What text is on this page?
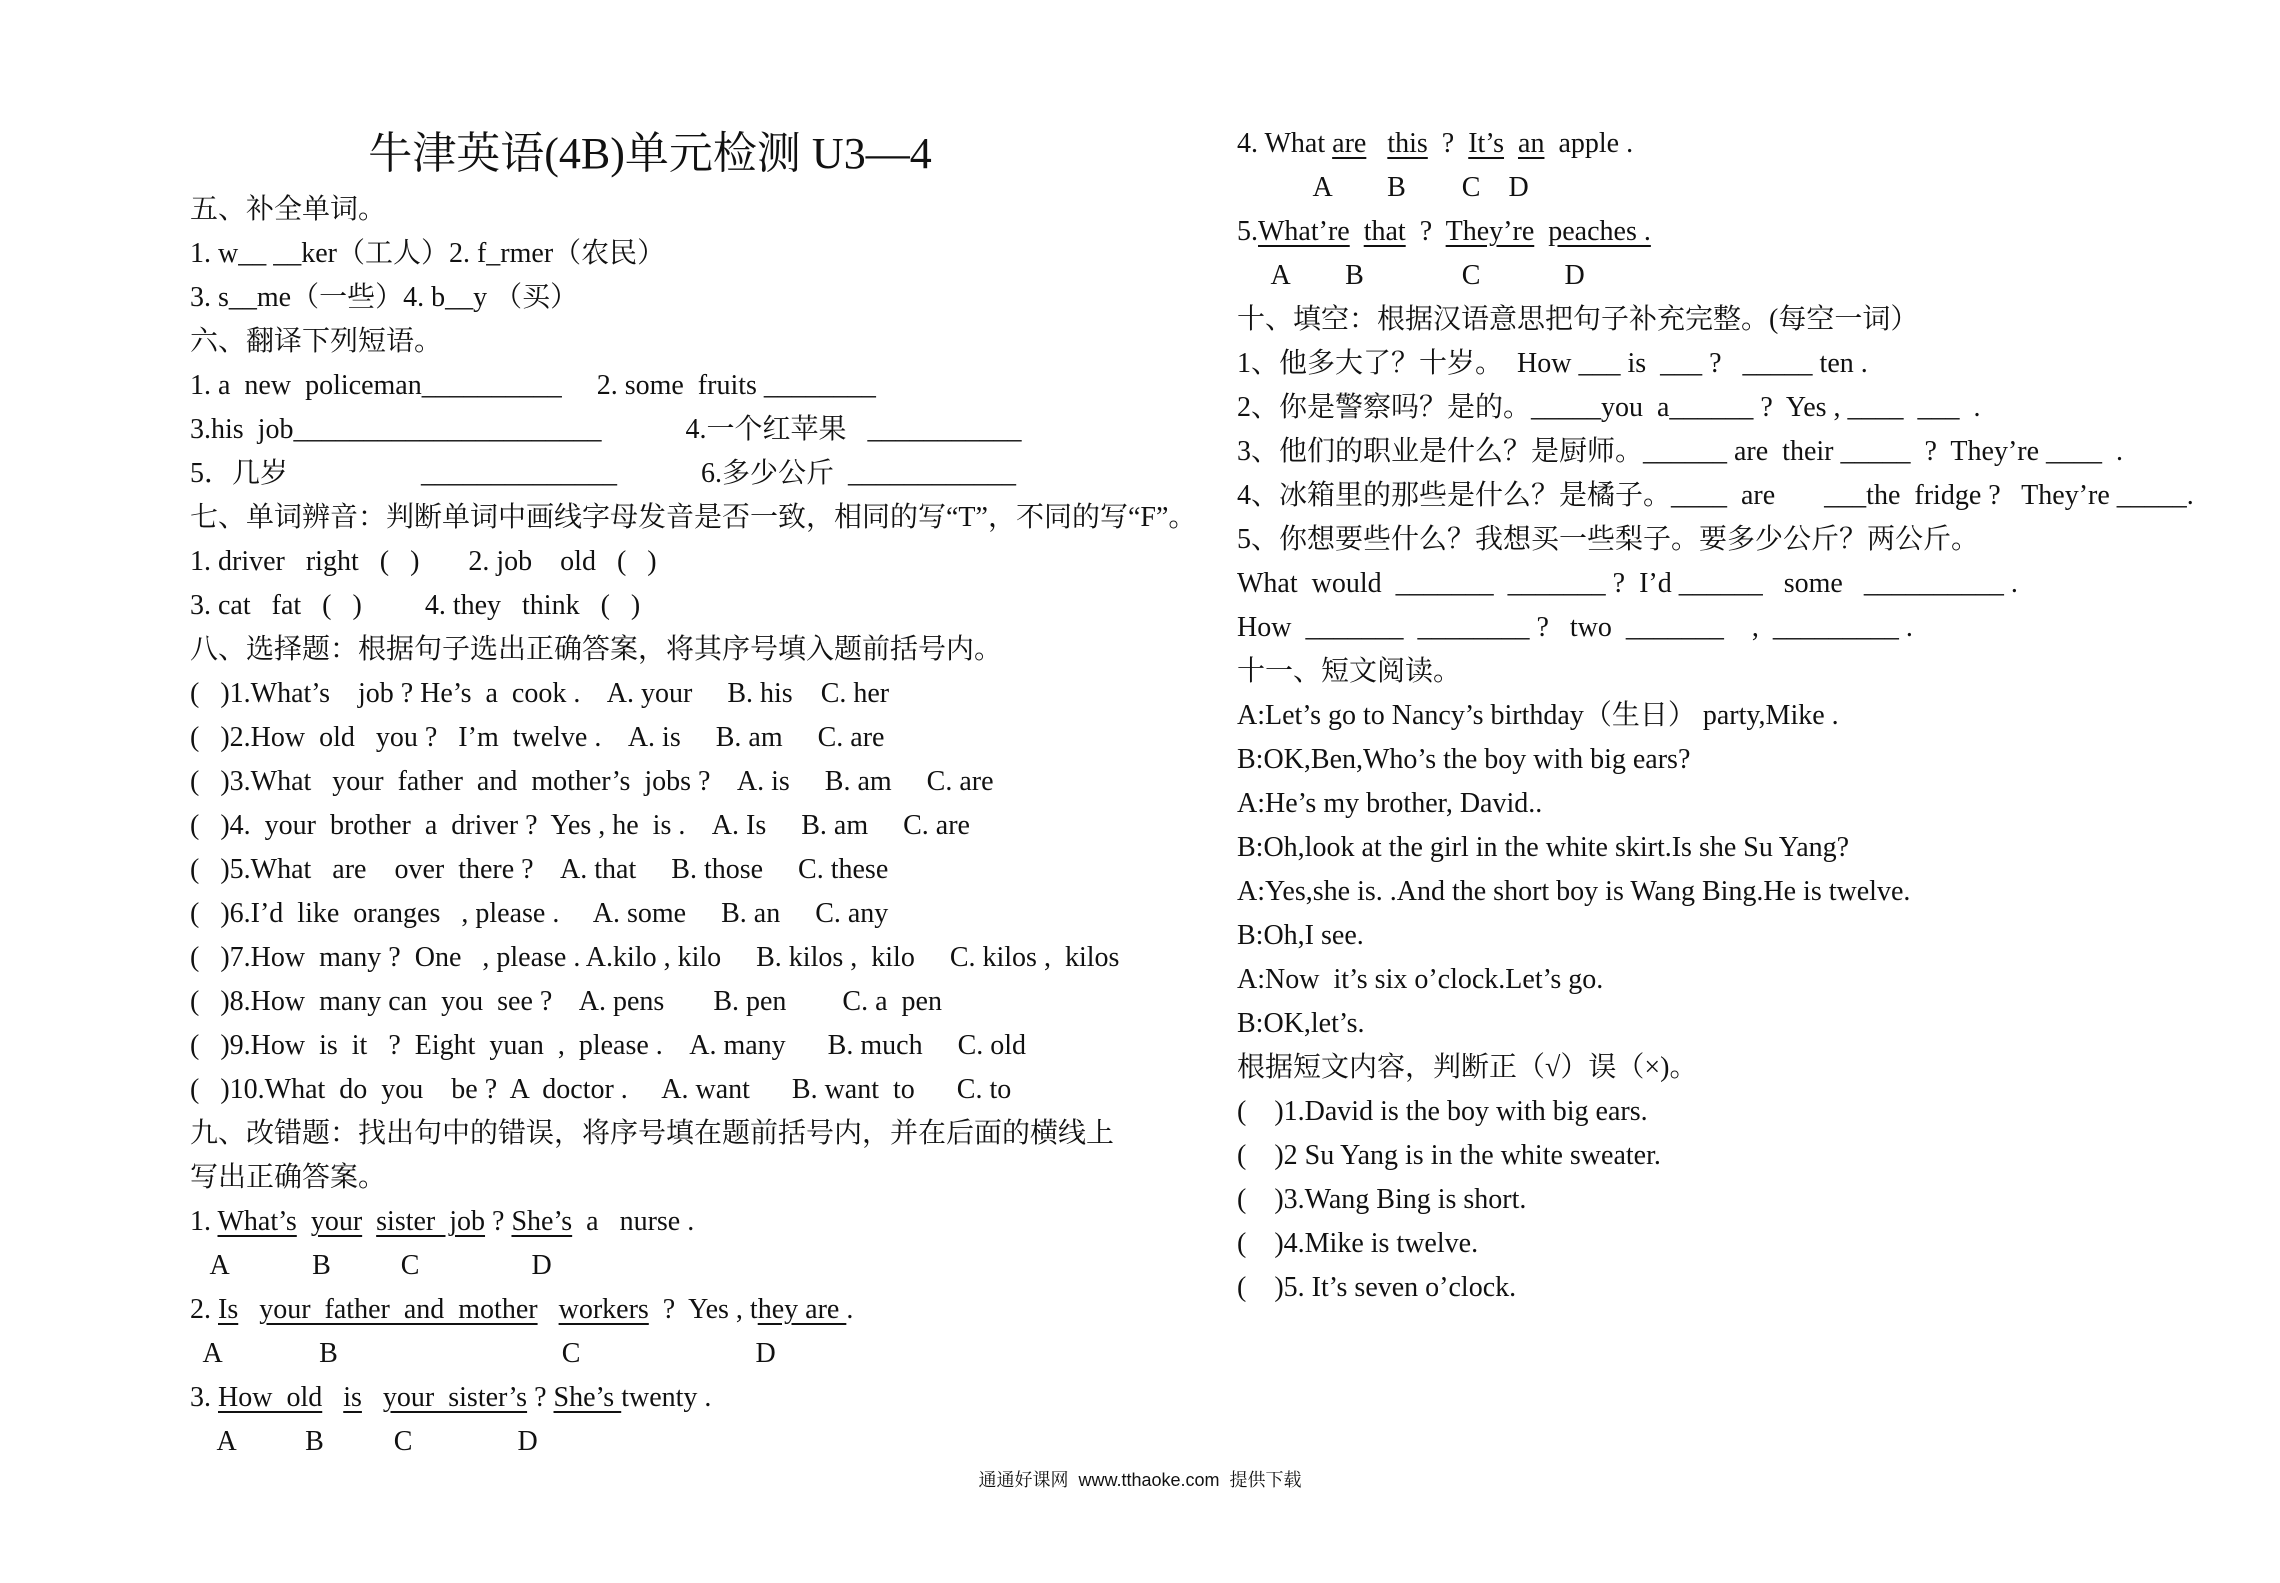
牛津英语(4B)单元检测 U3—4
五、补全单词。
1. w__ __ker（工人）2. f_rmer（农民）
3. s__me（一些）4. b__y （买）
六、翻译下列短语。
1. a  new  policeman__________     2. some  fruits ________
3.his  job______________________            4.一个红苹果   ___________
5．几岁                   ______________            6.多少公斤  ____________
七、单词辨音：判断单词中画线字母发音是否一致，相同的写“T”，不同的写“F”。
1. driver   right   (   )       2. job    old   (   )
3. cat   fat   (   )         4. they   think   (   )
八、选择题：根据句子选出正确答案，将其序号填入题前括号内。
(   )1.What’s    job ? He’s  a  cook .    A. your     B. his    C. her
(   )2.How  old   you ?   I’m  twelve .    A. is     B. am     C. are
(   )3.What   your  father  and  mother’s  jobs ?    A. is     B. am     C. are
(   )4.  your  brother  a  driver ?  Yes , he  is .    A. Is     B. am     C. are
(   )5.What   are    over  there ?    A. that     B. those     C. these
(   )6.I’d  like  oranges   , please .     A. some     B. an     C. any
(   )7.How  many ?  One   , please . A.kilo , kilo     B. kilos ,  kilo     C. kilos ,  kilos
(   )8.How  many can  you  see ?    A. pens       B. pen        C. a  pen
(   )9.How  is  it   ?  Eight  yuan  ,  please .    A. many      B. much     C. old
(   )10.What  do  you    be ?  A  doctor .     A. want      B. want  to      C. to
九、改错题：找出句中的错误，将序号填在题前括号内，并在后面的横线上
写出正确答案。
1. What’s your sister  job ? She’s  a   nurse .
A            B          C                D
2. Is your  father  and  mother workers  ?  Yes , they are .
A              B                                C                         D
3. How  old is your  sister’s ? She’s twenty .
A          B          C               D
4. What are this  ?  It’s an  apple .
A        B        C    D
5.What’re that  ?  They’re peaches .
A        B              C            D
十、填空：根据汉语意思把句子补充完整。(每空一词）
1、他多大了？十岁。  How ___ is  ___ ?   _____ ten .
2、你是警察吗？是的。_____you  a______ ?  Yes , ____  ___  .
3、他们的职业是什么？是厨师。______ are  their _____  ?  They’re ____  .
4、冰箱里的那些是什么？是橘子。____  are       ___the  fridge ?   They’re _____.
5、你想要些什么？我想买一些梨子。要多少公斤？两公斤。
What  would  _______  _______ ?  I’d ______   some   __________ .
How  _______  ________ ?   two  _______    ,  _________ .
十一、短文阅读。
A:Let’s go to Nancy’s birthday（生日） party,Mike .
B:OK,Ben,Who’s the boy with big ears?
A:He’s my brother, David..
B:Oh,look at the girl in the white skirt.Is she Su Yang?
A:Yes,she is. .And the short boy is Wang Bing.He is twelve.
B:Oh,I see.
A:Now  it’s six o’clock.Let’s go.
B:OK,let’s.
根据短文内容，判断正（√）误（×)。
(    )1.David is the boy with big ears.
(    )2 Su Yang is in the white sweater.
(    )3.Wang Bing is short.
(    )4.Mike is twelve.
(    )5. It’s seven o’clock.
通通好课网  www.tthaoke.com  提供下载
